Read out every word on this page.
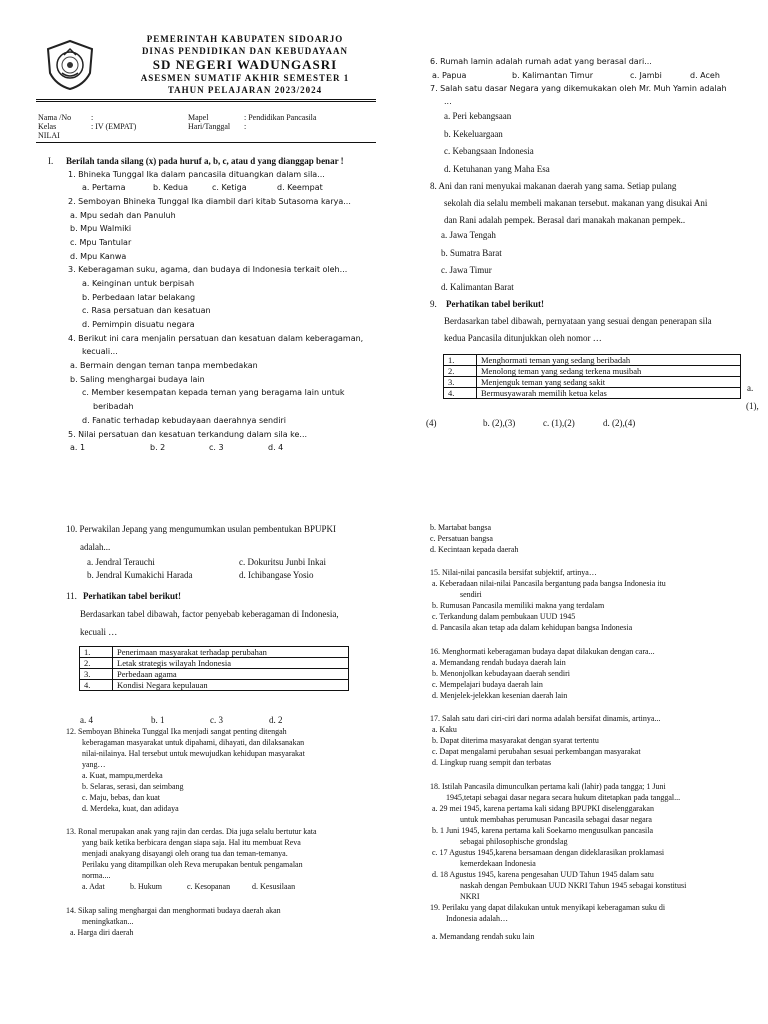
PEMERINTAH KABUPATEN SIDOARJO
DINAS PENDIDIKAN DAN KEBUDAYAAN
SD NEGERI WADUNGASRI
ASESMEN SUMATIF AKHIR SEMESTER 1
TAHUN PELAJARAN 2023/2024
Nama /No :
Kelas	: IV (EMPAT)
NILAI
Mapel	: Pendidikan Pancasila
Hari/Tanggal :
I. Berilah tanda silang (x) pada huruf a, b, c, atau d yang dianggap benar !
1. Bhineka Tunggal Ika dalam pancasila dituangkan dalam sila...
a. Pertama	b. Kedua	c. Ketiga	d. Keempat
2. Semboyan Bhineka Tunggal Ika diambil dari kitab Sutasoma karya...
a. Mpu sedah dan Panuluh
b. Mpu Walmiki
c. Mpu Tantular
d. Mpu Kanwa
3. Keberagaman suku, agama, dan budaya di Indonesia terkait oleh...
a. Keinginan untuk berpisah
b. Perbedaan latar belakang
c. Rasa persatuan dan kesatuan
d. Pemimpin disuatu negara
4. Berikut ini cara menjalin persatuan dan kesatuan dalam keberagaman,
kecuali...
a. Bermain dengan teman tanpa membedakan
b. Saling menghargai budaya lain
c. Member kesempatan kepada teman yang beragama lain untuk
beribadah
d. Fanatic terhadap kebudayaan daerahnya sendiri
5. Nilai persatuan dan kesatuan terkandung dalam sila ke...
a. 1	b. 2	c. 3	d. 4
6. Rumah lamin adalah rumah adat yang berasal dari...
a. Papua	b. Kalimantan Timur	c. Jambi	d. Aceh
7. Salah satu dasar Negara yang dikemukakan oleh Mr. Muh Yamin adalah
...
a. Peri kebangsaan
b. Kekeluargaan
c. Kebangsaan Indonesia
d. Ketuhanan yang Maha Esa
8. Ani dan rani menyukai makanan daerah yang sama. Setiap pulang
sekolah dia selalu membeli makanan tersebut. makanan yang disukai Ani
dan Rani adalah pempek. Berasal dari manakah makanan pempek..
a. Jawa Tengah
b. Sumatra Barat
c. Jawa Timur
d. Kalimantan Barat
9. Perhatikan tabel berikut!
Berdasarkan tabel dibawah, pernyataan yang sesuai dengan penerapan sila
kedua Pancasila ditunjukkan oleh nomor …
1.	Menghormati teman yang sedang beribadah
2.	Menolong teman yang sedang terkena musibah
3.	Menjenguk teman yang sedang sakit
4.	Bermusyawarah memilih ketua kelas	a.
(1),
(4)	b. (2),(3)	c. (1),(2)	d. (2),(4)
10. Perwakilan Jepang yang mengumumkan usulan pembentukan BPUPKI
adalah...
a. Jendral Terauchi
b. Jendral Kumakichi Harada
c. Dokuritsu Junbi Inkai
d. Ichibangase Yosio
11. Perhatikan tabel berikut!
Berdasarkan tabel dibawah, factor penyebab keberagaman di Indonesia,
kecuali …
1.	Penerimaan masyarakat terhadap perubahan
2.	Letak strategis wilayah Indonesia
3.	Perbedaan agama
4.	Kondisi Negara kepulauan
a. 4	b. 1	c. 3	d. 2
12. Semboyan Bhineka Tunggal Ika menjadi sangat penting ditengah
keberagaman masyarakat untuk dipahami, dihayati, dan dilaksanakan
nilai-nilainya. Hal tersebut untuk mewujudkan kehidupan masyarakat
yang…
a. Kuat, mampu,merdeka
b. Selaras, serasi, dan seimbang
c. Maju, bebas, dan kuat
d. Merdeka, kuat, dan adidaya
13. Ronal merupakan anak yang rajin dan cerdas. Dia juga selalu bertutur kata
yang baik ketika berbicara dengan siapa saja. Hal itu membuat Reva
menjadi anakyang disayangi oleh orang tua dan teman-temanya.
Perilaku yang ditampilkan oleh Reva merupakan bentuk pengamalan
norma....
a. Adat	b. Hukum	c. Kesopanan	d. Kesusilaan
14. Sikap saling menghargai dan menghormati budaya daerah akan
meningkatkan...
a. Harga diri daerah
b. Martabat bangsa
c. Persatuan bangsa
d. Kecintaan kepada daerah
15. Nilai-nilai pancasila bersifat subjektif, artinya…
a. Keberadaan nilai-nilai Pancasila bergantung pada bangsa Indonesia itu
sendiri
b. Rumusan Pancasila memiliki makna yang terdalam
c. Terkandung dalam pembukaan UUD 1945
d. Pancasila akan tetap ada dalam kehidupan bangsa Indonesia
16. Menghormati keberagaman budaya dapat dilakukan dengan cara...
a. Memandang rendah budaya daerah lain
b. Menonjolkan kebudayaan daerah sendiri
c. Mempelajari budaya daerah lain
d. Menjelek-jelekkan kesenian daerah lain
17. Salah satu dari ciri-ciri dari norma adalah bersifat dinamis, artinya...
a. Kaku
b. Dapat diterima masyarakat dengan syarat tertentu
c. Dapat mengalami perubahan sesuai perkembangan masyarakat
d. Lingkup ruang sempit dan terbatas
18. Istilah Pancasila dimunculkan pertama kali (lahir) pada tangga; 1 Juni
1945,tetapi sebagai dasar negara secara hukum ditetapkan pada tanggal...
a. 29 mei 1945, karena pertama kali sidang BPUPKI diselenggarakan
untuk membahas perumusan Pancasila sebagai dasar negara
b. 1 Juni 1945, karena pertama kali Soekarno mengusulkan pancasila
sebagai philosophische grondslag
c. 17 Agustus 1945,karena bersamaan dengan dideklarasikan proklamasi
kemerdekaan Indonesia
d. 18 Agustus 1945, karena pengesahan UUD Tahun 1945 dalam satu
naskah dengan Pembukaan UUD NKRI Tahun 1945 sebagai konstitusi
NKRI
19. Perilaku yang dapat dilakukan untuk menyikapi keberagaman suku di
Indonesia adalah…
a. Memandang rendah suku lain
